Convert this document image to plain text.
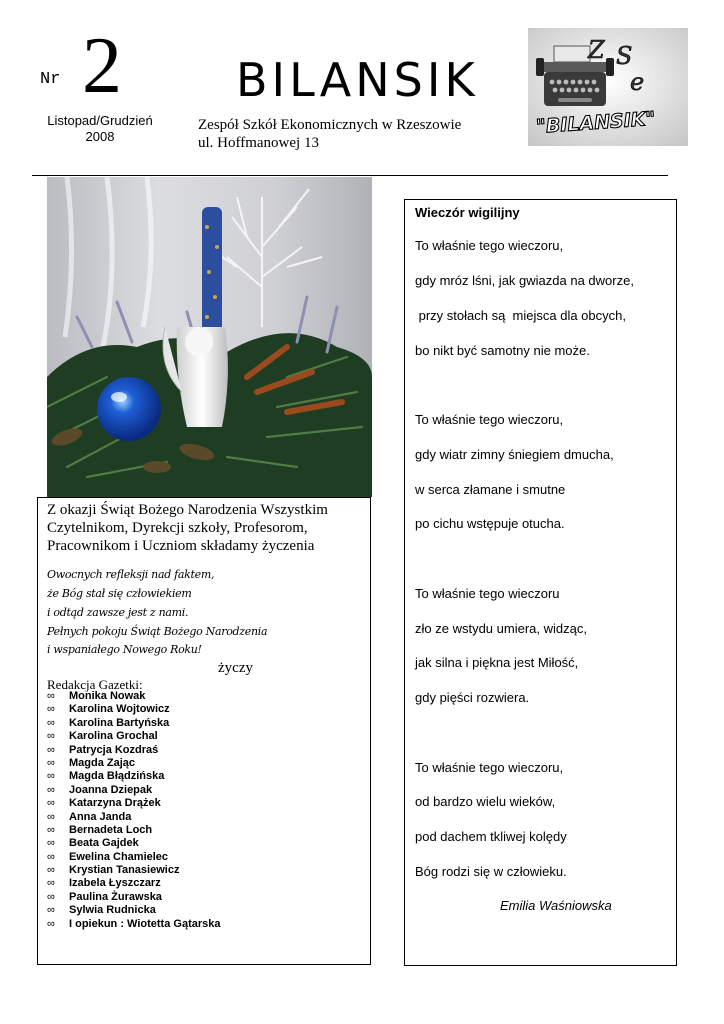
Nr 2
Listopad/Grudzień
2008
BILANSIK
Zespół Szkół Ekonomicznych w Rzeszowie
ul. Hoffmanowej 13
Z S
e
"BILANSIK"
Z okazji Świąt Bożego Narodzenia Wszystkim Czytelnikom, Dyrekcji szkoły, Profesorom, Pracownikom i Uczniom składamy życzenia
Owocnych refleksji nad faktem,
że Bóg stał się człowiekiem
i odtąd zawsze jest z nami.
Pełnych pokoju Świąt Bożego Narodzenia
i wspaniałego Nowego Roku!
życzy
Redakcja Gazetki:
∞ Monika Nowak
∞ Karolina Wojtowicz
∞ Karolina Bartyńska
∞ Karolina Grochal
∞ Patrycja Kozdraś
∞ Magda Zając
∞ Magda Błądzińska
∞ Joanna Dziepak
∞ Katarzyna Drążek
∞ Anna Janda
∞ Bernadeta Loch
∞ Beata Gajdek
∞ Ewelina Chamielec
∞ Krystian Tanasiewicz
∞ Izabela Łyszczarz
∞ Paulina Żurawska
∞ Sylwia Rudnicka
∞ I opiekun : Wiotetta Gątarska
Wieczór wigilijny
To właśnie tego wieczoru,
gdy mróz lśni, jak gwiazda na dworze,
przy stołach są  miejsca dla obcych,
bo nikt być samotny nie może.
To właśnie tego wieczoru,
gdy wiatr zimny śniegiem dmucha,
w serca złamane i smutne
po cichu wstępuje otucha.
To właśnie tego wieczoru
zło ze wstydu umiera, widząc,
jak silna i piękna jest Miłość,
gdy pięści rozwiera.
To właśnie tego wieczoru,
od bardzo wielu wieków,
pod dachem tkliwej kolędy
Bóg rodzi się w człowieku.
Emilia Waśniowska
